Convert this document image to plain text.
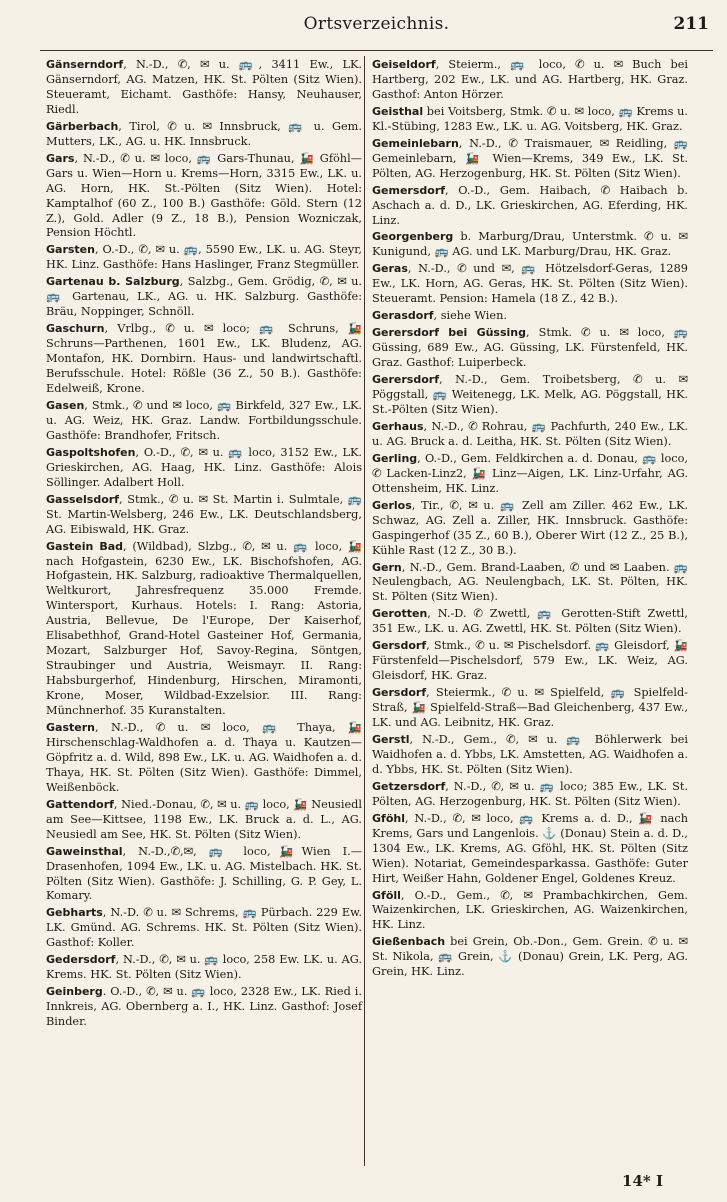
Ortsverzeichnis.	211

Gänserndorf, N.-D., ✆, ✉ u. 🚌, 3411 Ew., LK. Gänserndorf, AG. Matzen, HK. St. Pölten (Sitz Wien). Steueramt, Eichamt. Gasthöfe: Hansy, Neuhauser, Riedl.

Gärberbach, Tirol, ✆ u. ✉ Innsbruck, 🚌 u. Gem. Mutters, LK., AG. u. HK. Innsbruck.

Gars, N.-D., ✆ u. ✉ loco, 🚌 Gars-Thunau, 🚂 Gföhl—Gars u. Wien—Horn u. Krems—Horn, 3315 Ew., LK. u. AG. Horn, HK. St.-Pölten (Sitz Wien). Hotel: Kamptalhof (60 Z., 100 B.) Gasthöfe: Göld. Stern (12 Z.), Gold. Adler (9 Z., 18 B.), Pension Wozniczak, Pension Höchtl.

Garsten, O.-D., ✆, ✉ u. 🚌, 5590 Ew., LK. u. AG. Steyr, HK. Linz. Gasthöfe: Hans Haslinger, Franz Stegmüller.

Gartenau b. Salzburg, Salzbg., Gem. Grödig, ✆, ✉ u. 🚌 Gartenau, LK., AG. u. HK. Salzburg. Gasthöfe: Bräu, Noppinger, Schnöll.

Gaschurn, Vrlbg., ✆ u. ✉ loco; 🚌 Schruns, 🚂 Schruns—Parthenen, 1601 Ew., LK. Bludenz, AG. Montafon, HK. Dornbirn. Haus- und landwirtschaftl. Berufsschule. Hotel: Rößle (36 Z., 50 B.). Gasthöfe: Edelweiß, Krone.

Gasen, Stmk., ✆ und ✉ loco, 🚌 Birkfeld, 327 Ew., LK. u. AG. Weiz, HK. Graz. Landw. Fortbildungsschule. Gasthöfe: Brandhofer, Fritsch.

Gaspoltshofen, O.-D., ✆, ✉ u. 🚌 loco, 3152 Ew., LK. Grieskirchen, AG. Haag, HK. Linz. Gasthöfe: Alois Söllinger. Adalbert Holl.

Gasselsdorf, Stmk., ✆ u. ✉ St. Martin i. Sulmtale, 🚌 St. Martin-Welsberg, 246 Ew., LK. Deutschlandsberg, AG. Eibiswald, HK. Graz.

Gastein Bad, (Wildbad), Slzbg., ✆, ✉ u. 🚌 loco, 🚂 nach Hofgastein, 6230 Ew., LK. Bischofshofen, AG. Hofgastein, HK. Salzburg, radioaktive Thermalquellen, Weltkurort, Jahresfrequenz 35.000 Fremde. Wintersport, Kurhaus. Hotels: I. Rang: Astoria, Austria, Bellevue, De l'Europe, Der Kaiserhof, Elisabethhof, Grand-Hotel Gasteiner Hof, Germania, Mozart, Salzburger Hof, Savoy-Regina, Söntgen, Straubinger und Austria, Weismayr. II. Rang: Habsburgerhof, Hindenburg, Hirschen, Miramonti, Krone, Moser, Wildbad-Exzelsior. III. Rang: Münchnerhof. 35 Kuranstalten.

Gastern, N.-D., ✆ u. ✉ loco, 🚌 Thaya, 🚂 Hirschenschlag-Waldhofen a. d. Thaya u. Kautzen—Göpfritz a. d. Wild, 898 Ew., LK. u. AG. Waidhofen a. d. Thaya, HK. St. Pölten (Sitz Wien). Gasthöfe: Dimmel, Weißenböck.

Gattendorf, Nied.-Donau, ✆, ✉ u. 🚌 loco, 🚂 Neusiedl am See—Kittsee, 1198 Ew., LK. Bruck a. d. L., AG. Neusiedl am See, HK. St. Pölten (Sitz Wien).

Gaweinsthal, N.-D.,✆,✉, 🚌 loco,🚂Wien I.—Drasenhofen, 1094 Ew., LK. u. AG. Mistelbach. HK. St. Pölten (Sitz Wien). Gasthöfe: J. Schilling, G. P. Gey, L. Komary.

Gebharts, N.-D. ✆ u. ✉ Schrems, 🚌 Pürbach. 229 Ew. LK. Gmünd. AG. Schrems. HK. St. Pölten (Sitz Wien). Gasthof: Koller.

Gedersdorf, N.-D., ✆, ✉ u. 🚌 loco, 258 Ew. LK. u. AG. Krems. HK. St. Pölten (Sitz Wien).

Geinberg. O.-D., ✆, ✉ u. 🚌 loco, 2328 Ew., LK. Ried i. Innkreis, AG. Obernberg a. I., HK. Linz. Gasthof: Josef Binder.

Geiseldorf, Steierm., 🚌 loco, ✆ u. ✉ Buch bei Hartberg, 202 Ew., LK. und AG. Hartberg, HK. Graz. Gasthof: Anton Hörzer.

Geisthal bei Voitsberg, Stmk. ✆ u. ✉ loco, 🚌 Krems u. Kl.-Stübing, 1283 Ew., LK. u. AG. Voitsberg, HK. Graz.

Gemeinlebarn, N.-D., ✆ Traismauer, ✉ Reidling, 🚌 Gemeinlebarn, 🚂 Wien—Krems, 349 Ew., LK. St. Pölten, AG. Herzogenburg, HK. St. Pölten (Sitz Wien).

Gemersdorf, O.-D., Gem. Haibach, ✆ Haibach b. Aschach a. d. D., LK. Grieskirchen, AG. Eferding, HK. Linz.

Georgenberg b. Marburg/Drau, Unterstmk. ✆ u. ✉ Kunigund, 🚌 AG. und LK. Marburg/Drau, HK. Graz.

Geras, N.-D., ✆ und ✉, 🚌 Hötzelsdorf-Geras, 1289 Ew., LK. Horn, AG. Geras, HK. St. Pölten (Sitz Wien). Steueramt. Pension: Hamela (18 Z., 42 B.).

Gerasdorf, siehe Wien.

Gerersdorf bei Güssing, Stmk. ✆ u. ✉ loco, 🚌 Güssing, 689 Ew., AG. Güssing, LK. Fürstenfeld, HK. Graz. Gasthof: Luiperbeck.

Gerersdorf, N.-D., Gem. Troibetsberg, ✆ u. ✉ Pöggstall, 🚌 Weitenegg, LK. Melk, AG. Pöggstall, HK. St.-Pölten (Sitz Wien).

Gerhaus, N.-D., ✆ Rohrau, 🚌 Pachfurth, 240 Ew., LK. u. AG. Bruck a. d. Leitha, HK. St. Pölten (Sitz Wien).

Gerling, O.-D., Gem. Feldkirchen a. d. Donau, 🚌 loco, ✆ Lacken-Linz2, 🚂 Linz—Aigen, LK. Linz-Urfahr, AG. Ottensheim, HK. Linz.

Gerlos, Tir., ✆, ✉ u. 🚌 Zell am Ziller. 462 Ew., LK. Schwaz, AG. Zell a. Ziller, HK. Innsbruck. Gasthöfe: Gaspingerhof (35 Z., 60 B.), Oberer Wirt (12 Z., 25 B.), Kühle Rast (12 Z., 30 B.).

Gern, N.-D., Gem. Brand-Laaben, ✆ und ✉ Laaben. 🚌 Neulengbach, AG. Neulengbach, LK. St. Pölten, HK. St. Pölten (Sitz Wien).

Gerotten, N.-D. ✆ Zwettl, 🚌 Gerotten-Stift Zwettl, 351 Ew., LK. u. AG. Zwettl, HK. St. Pölten (Sitz Wien).

Gersdorf, Stmk., ✆ u. ✉ Pischelsdorf. 🚌 Gleisdorf, 🚂 Fürstenfeld—Pischelsdorf, 579 Ew., LK. Weiz, AG. Gleisdorf, HK. Graz.

Gersdorf, Steiermk., ✆ u. ✉ Spielfeld, 🚌 Spielfeld-Straß, 🚂 Spielfeld-Straß—Bad Gleichenberg, 437 Ew., LK. und AG. Leibnitz, HK. Graz.

Gerstl, N.-D., Gem., ✆, ✉ u. 🚌 Böhlerwerk bei Waidhofen a. d. Ybbs, LK. Amstetten, AG. Waidhofen a. d. Ybbs, HK. St. Pölten (Sitz Wien).

Getzersdorf, N.-D., ✆, ✉ u. 🚌 loco; 385 Ew., LK. St. Pölten, AG. Herzogenburg, HK. St. Pölten (Sitz Wien).

Gföhl, N.-D., ✆, ✉ loco, 🚌 Krems a. d. D., 🚂 nach Krems, Gars und Langenlois. ⚓ (Donau) Stein a. d. D., 1304 Ew., LK. Krems, AG. Gföhl, HK. St. Pölten (Sitz Wien). Notariat, Gemeindesparkassa. Gasthöfe: Guter Hirt, Weißer Hahn, Goldener Engel, Goldenes Kreuz.

Gföll, O.-D., Gem., ✆, ✉ Prambachkirchen, Gem. Waizenkirchen, LK. Grieskirchen, AG. Waizenkirchen, HK. Linz.

Gießenbach bei Grein, Ob.-Don., Gem. Grein. ✆ u. ✉ St. Nikola, 🚌 Grein, ⚓ (Donau) Grein, LK. Perg, AG. Grein, HK. Linz.

14* I
